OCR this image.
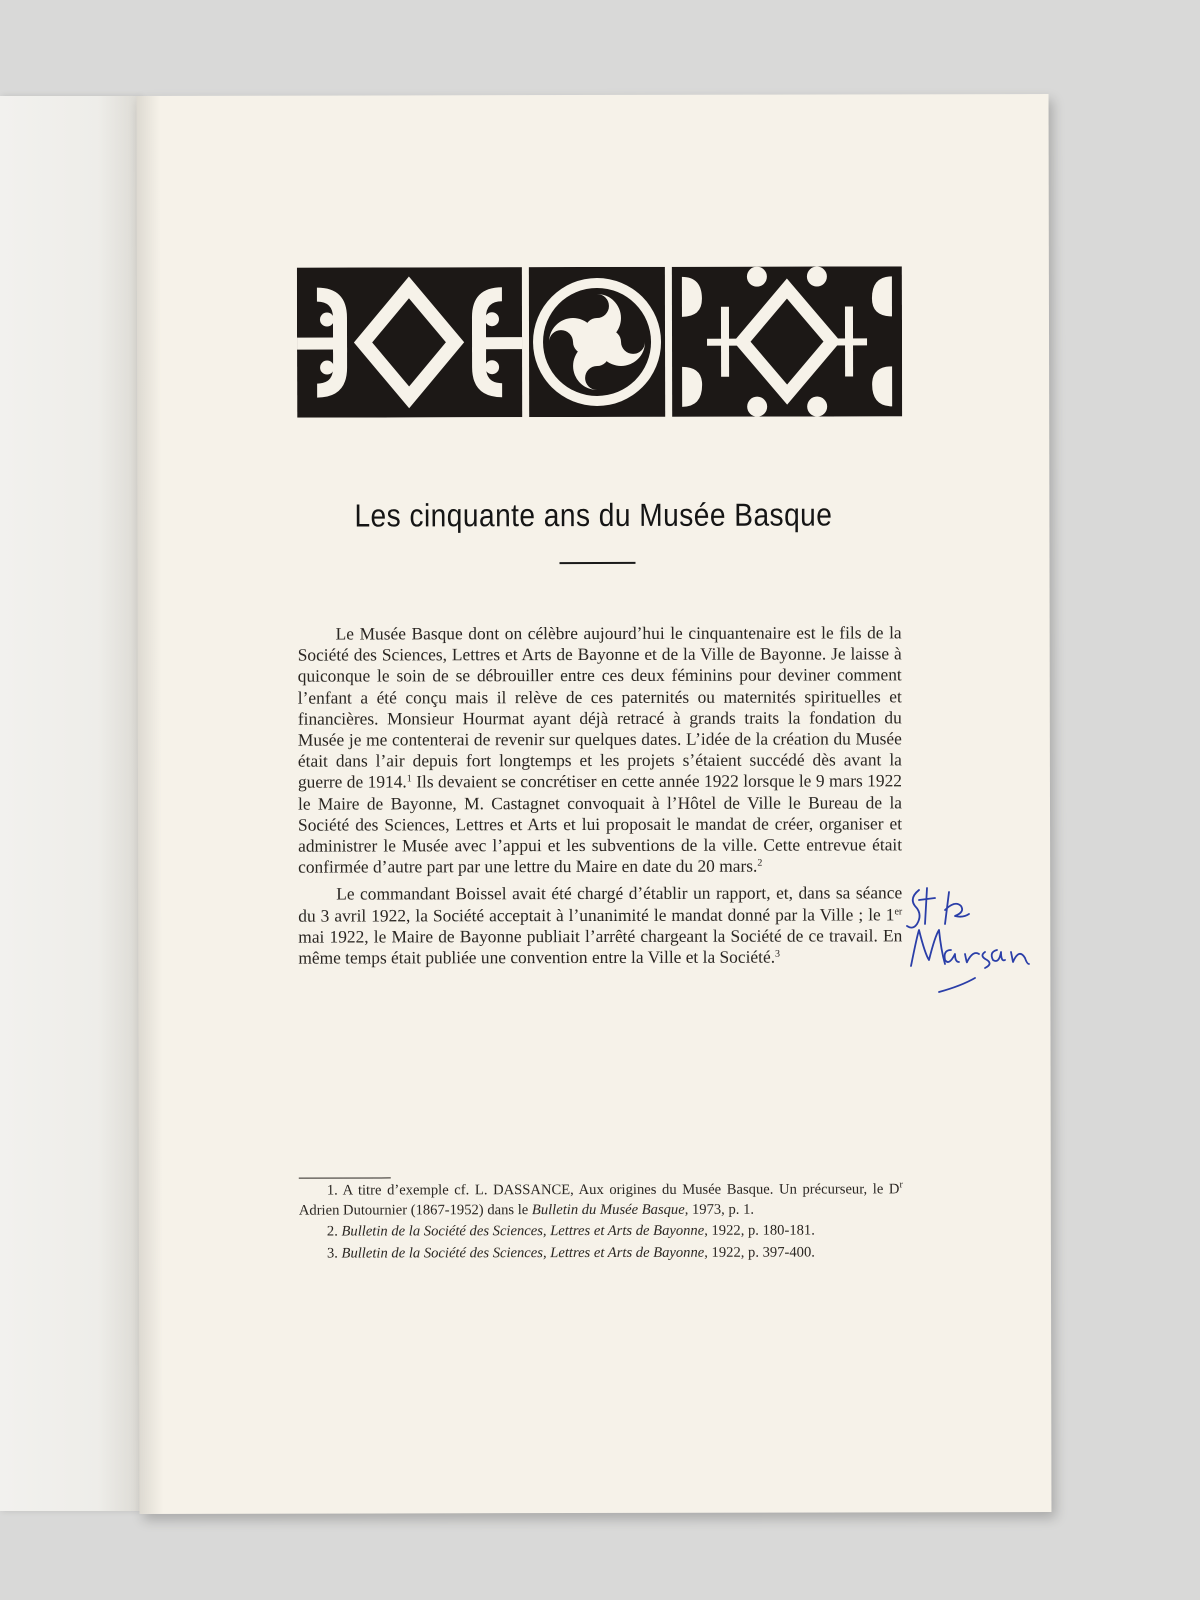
Les cinquante ans du Musée Basque

Le Musée Basque dont on célèbre aujourd’hui le cinquantenaire est le fils de la Société des Sciences, Lettres et Arts de Bayonne et de la Ville de Bayonne. Je laisse à quiconque le soin de se débrouiller entre ces deux féminins pour deviner comment l’enfant a été conçu mais il relève de ces paternités ou maternités spirituelles et financières. Monsieur Hourmat ayant déjà retracé à grands traits la fondation du Musée je me contenterai de revenir sur quelques dates. L’idée de la création du Musée était dans l’air depuis fort longtemps et les projets s’étaient succédé dès avant la guerre de 1914.$^1$ Ils devaient se concrétiser en cette année 1922 lorsque le 9 mars 1922 le Maire de Bayonne, M. Castagnet convoquait à l’Hôtel de Ville le Bureau de la Société des Sciences, Lettres et Arts et lui proposait le mandat de créer, organiser et administrer le Musée avec l’appui et les subventions de la ville. Cette entrevue était confirmée d’autre part par une lettre du Maire en date du 20 mars.$^2$

Le commandant Boissel avait été chargé d’établir un rapport, et, dans sa séance du 3 avril 1922, la Société acceptait à l’unanimité le mandat donné par la Ville ; le 1er mai 1922, le Maire de Bayonne publiait l’arrêté chargeant la Société de ce travail. En même temps était publiée une convention entre la Ville et la Société.$^3$

1. A titre d’exemple cf. L. DASSANCE, Aux origines du Musée Basque. Un précurseur, le $D^r$ Adrien Dutournier (1867-1952) dans le Bulletin du Musée Basque, 1973, p. 1.

2. Bulletin de la Société des Sciences, Lettres et Arts de Bayonne, 1922, p. 180-181.

3. Bulletin de la Société des Sciences, Lettres et Arts de Bayonne, 1922, p. 397-400.
